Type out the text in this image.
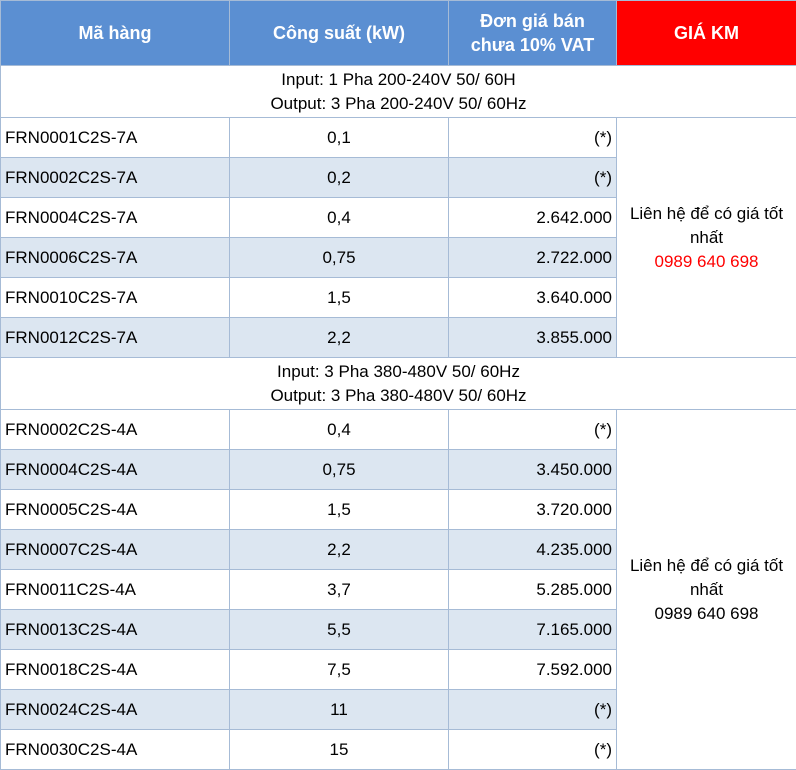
Mã hàng	Công suất (kW)	Đơn giá bán
chưa 10% VAT	GIÁ KM

Input: 1 Pha 200-240V 50/ 60H
Output: 3 Pha 200-240V 50/ 60Hz			

FRN0001C2S-7A	0,1	(*)	Liên hệ để có giá tốt
nhất
0989 640 698

FRN0002C2S-7A	0,2	(*)	
FRN0004C2S-7A	0,4	2.642.000	
FRN0006C2S-7A	0,75	2.722.000	
FRN0010C2S-7A	1,5	3.640.000	
FRN0012C2S-7A	2,2	3.855.000	

Input: 3 Pha 380-480V 50/ 60Hz
Output: 3 Pha 380-480V 50/ 60Hz			

FRN0002C2S-4A	0,4	(*)	Liên hệ để có giá tốt
nhất
0989 640 698

FRN0004C2S-4A	0,75	3.450.000	
FRN0005C2S-4A	1,5	3.720.000	
FRN0007C2S-4A	2,2	4.235.000	
FRN0011C2S-4A	3,7	5.285.000	
FRN0013C2S-4A	5,5	7.165.000	
FRN0018C2S-4A	7,5	7.592.000	
FRN0024C2S-4A	11	(*)	
FRN0030C2S-4A	15	(*)	
